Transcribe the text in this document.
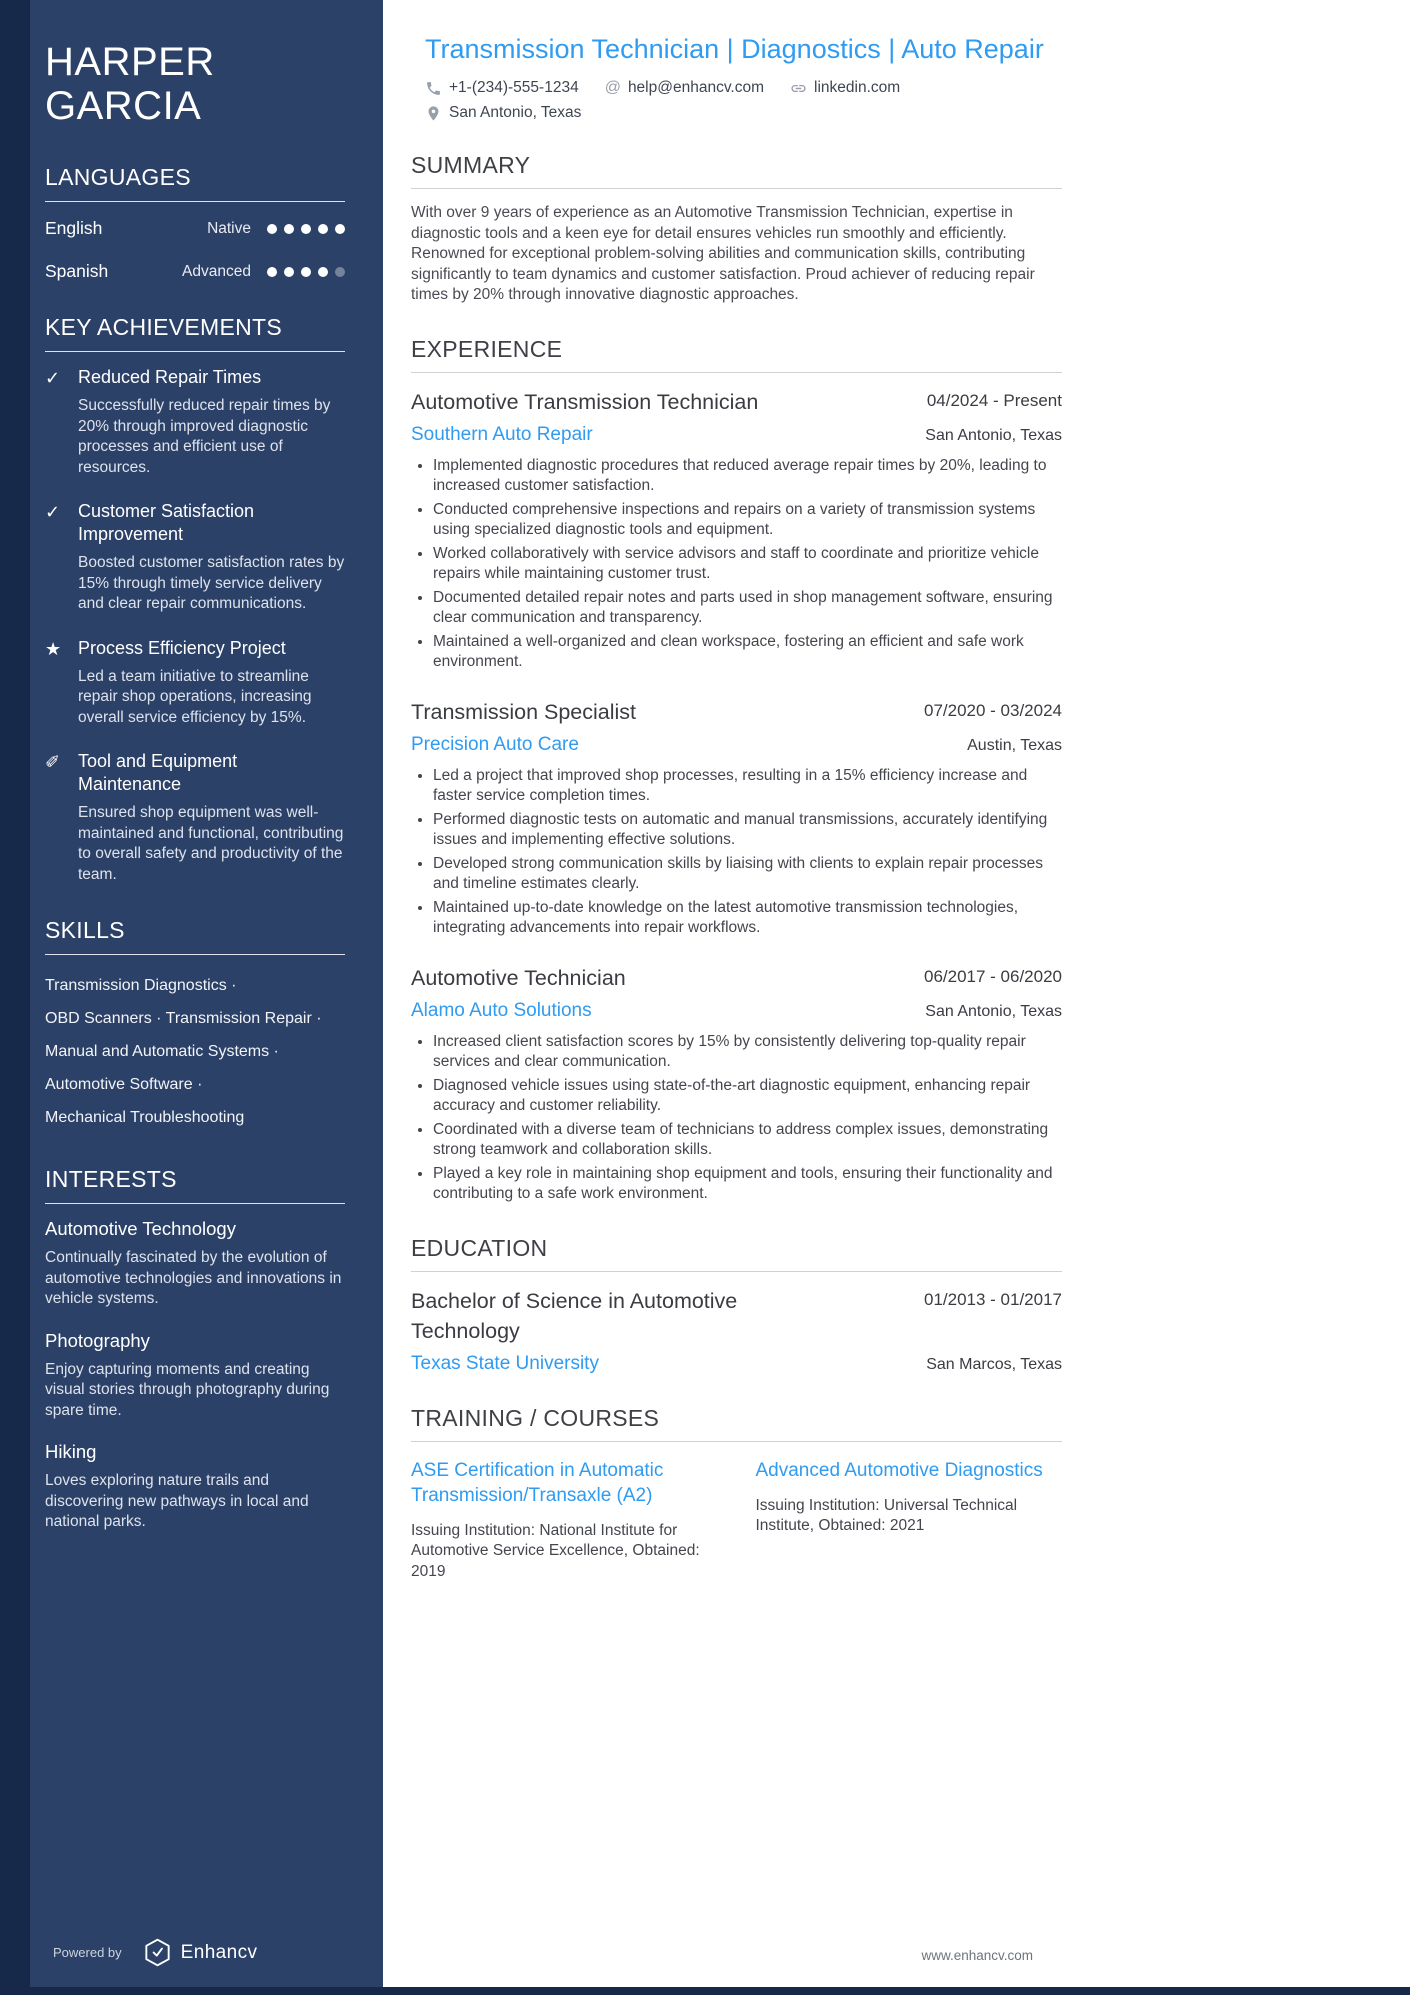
HARPER
GARCIA
LANGUAGES
English	Native
Spanish	Advanced
KEY ACHIEVEMENTS
✓ Reduced Repair Times
Successfully reduced repair times by 20% through improved diagnostic processes and efficient use of resources.
✓ Customer Satisfaction Improvement
Boosted customer satisfaction rates by 15% through timely service delivery and clear repair communications.
★ Process Efficiency Project
Led a team initiative to streamline repair shop operations, increasing overall service efficiency by 15%.
✐ Tool and Equipment Maintenance
Ensured shop equipment was well-maintained and functional, contributing to overall safety and productivity of the team.
SKILLS
Transmission Diagnostics · OBD Scanners · Transmission Repair · Manual and Automatic Systems · Automotive Software · Mechanical Troubleshooting
INTERESTS
Automotive Technology
Continually fascinated by the evolution of automotive technologies and innovations in vehicle systems.
Photography
Enjoy capturing moments and creating visual stories through photography during spare time.
Hiking
Loves exploring nature trails and discovering new pathways in local and national parks.
Powered by	Enhancv
Transmission Technician | Diagnostics | Auto Repair
+1-(234)-555-1234 @ help@enhancv.com	linkedin.com
San Antonio, Texas
SUMMARY

With over 9 years of experience as an Automotive Transmission Technician, expertise in diagnostic tools and a keen eye for detail ensures vehicles run smoothly and efficiently. Renowned for exceptional problem-solving abilities and communication skills, contributing significantly to team dynamics and customer satisfaction. Proud achiever of reducing repair times by 20% through innovative diagnostic approaches.

EXPERIENCE
Automotive Transmission Technician	04/2024 - Present
Southern Auto Repair	San Antonio, Texas
• Implemented diagnostic procedures that reduced average repair times by 20%, leading to increased customer satisfaction.
• Conducted comprehensive inspections and repairs on a variety of transmission systems using specialized diagnostic tools and equipment.
• Worked collaboratively with service advisors and staff to coordinate and prioritize vehicle repairs while maintaining customer trust.
• Documented detailed repair notes and parts used in shop management software, ensuring clear communication and transparency.
• Maintained a well-organized and clean workspace, fostering an efficient and safe work environment.
Transmission Specialist	07/2020 - 03/2024
Precision Auto Care	Austin, Texas
• Led a project that improved shop processes, resulting in a 15% efficiency increase and faster service completion times.
• Performed diagnostic tests on automatic and manual transmissions, accurately identifying issues and implementing effective solutions.
• Developed strong communication skills by liaising with clients to explain repair processes and timeline estimates clearly.
• Maintained up-to-date knowledge on the latest automotive transmission technologies, integrating advancements into repair workflows.
Automotive Technician	06/2017 - 06/2020
Alamo Auto Solutions	San Antonio, Texas
• Increased client satisfaction scores by 15% by consistently delivering top-quality repair services and clear communication.
• Diagnosed vehicle issues using state-of-the-art diagnostic equipment, enhancing repair accuracy and customer reliability.
• Coordinated with a diverse team of technicians to address complex issues, demonstrating strong teamwork and collaboration skills.
• Played a key role in maintaining shop equipment and tools, ensuring their functionality and contributing to a safe work environment.
EDUCATION
Bachelor of Science in Automotive Technology
01/2013 - 01/2017
Texas State University	San Marcos, Texas
TRAINING / COURSES
ASE Certification in Automatic Transmission/Transaxle (A2)
Issuing Institution: National Institute for Automotive Service Excellence, Obtained: 2019
Advanced Automotive Diagnostics
Issuing Institution: Universal Technical Institute, Obtained: 2021
www.enhancv.com
